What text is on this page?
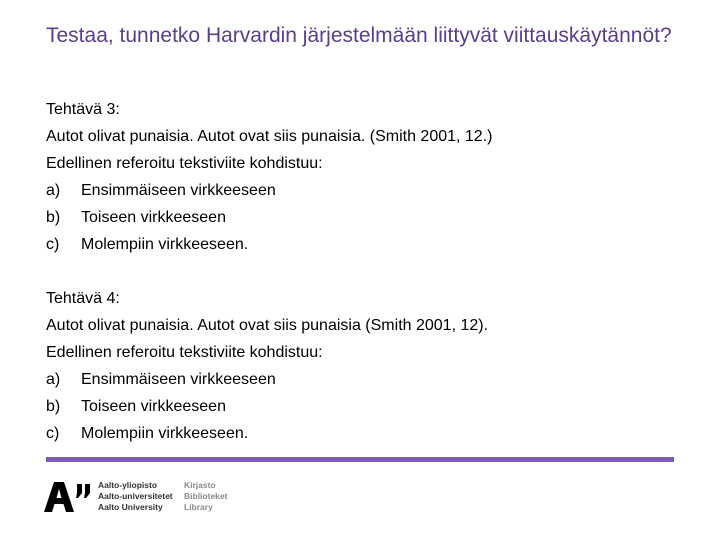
Testaa, tunnetko Harvardin järjestelmään liittyvät viittauskäytännöt?
Tehtävä 3:
Autot olivat punaisia. Autot ovat siis punaisia. (Smith 2001, 12.)
Edellinen referoitu tekstiviite kohdistuu:
a)	Ensimmäiseen virkkeeseen
b)	Toiseen virkkeeseen
c)	Molempiin virkkeeseen.
Tehtävä 4:
Autot olivat punaisia. Autot ovat siis punaisia (Smith 2001, 12).
Edellinen referoitu tekstiviite kohdistuu:
a)	Ensimmäiseen virkkeeseen
b)	Toiseen virkkeeseen
c)	Molempiin virkkeeseen.
Aalto-yliopisto	Kirjasto
Aalto-universitetet	Biblioteket
Aalto University	Library
